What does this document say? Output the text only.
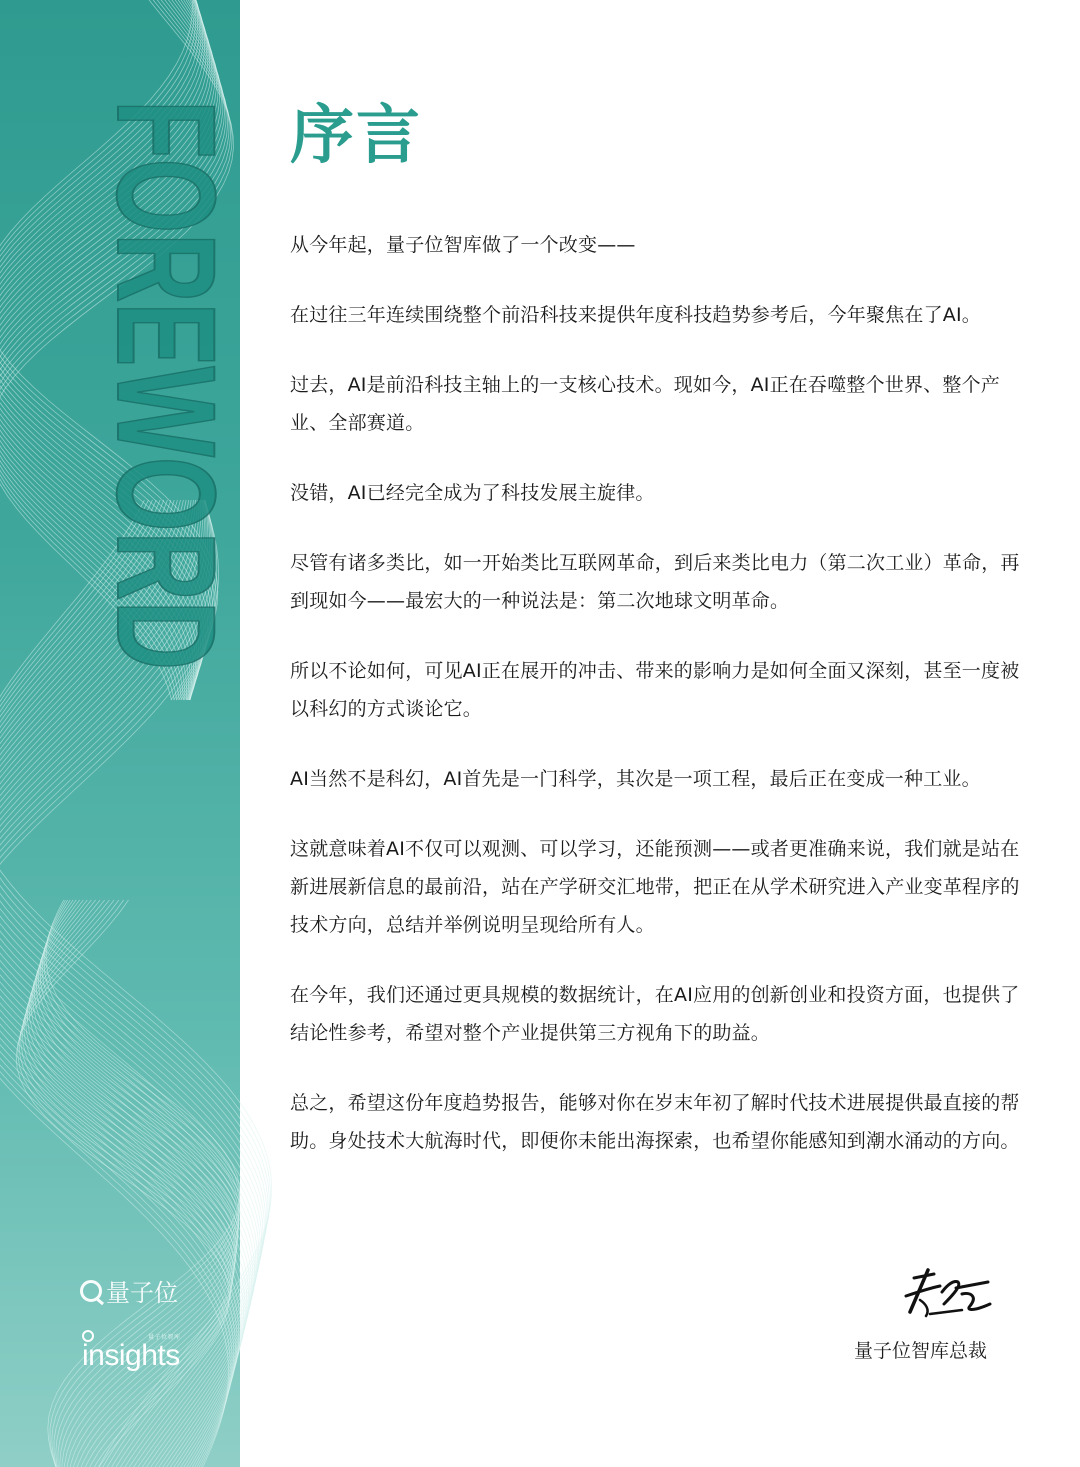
FOREWORD
量子位
量子位智库
insights
序言

从今年起，量子位智库做了一个改变——

在过往三年连续围绕整个前沿科技来提供年度科技趋势参考后，今年聚焦在了AI。

过去，AI是前沿科技主轴上的一支核心技术。现如今，AI正在吞噬整个世界、整个产业、全部赛道。

没错，AI已经完全成为了科技发展主旋律。

尽管有诸多类比，如一开始类比互联网革命，到后来类比电力（第二次工业）革命，再到现如今——最宏大的一种说法是：第二次地球文明革命。

所以不论如何，可见AI正在展开的冲击、带来的影响力是如何全面又深刻，甚至一度被以科幻的方式谈论它。

AI当然不是科幻，AI首先是一门科学，其次是一项工程，最后正在变成一种工业。

这就意味着AI不仅可以观测、可以学习，还能预测——或者更准确来说，我们就是站在新进展新信息的最前沿，站在产学研交汇地带，把正在从学术研究进入产业变革程序的技术方向，总结并举例说明呈现给所有人。

在今年，我们还通过更具规模的数据统计，在AI应用的创新创业和投资方面，也提供了结论性参考，希望对整个产业提供第三方视角下的助益。

总之，希望这份年度趋势报告，能够对你在岁末年初了解时代技术进展提供最直接的帮助。身处技术大航海时代，即便你未能出海探索，也希望你能感知到潮水涌动的方向。

量子位智库总裁
